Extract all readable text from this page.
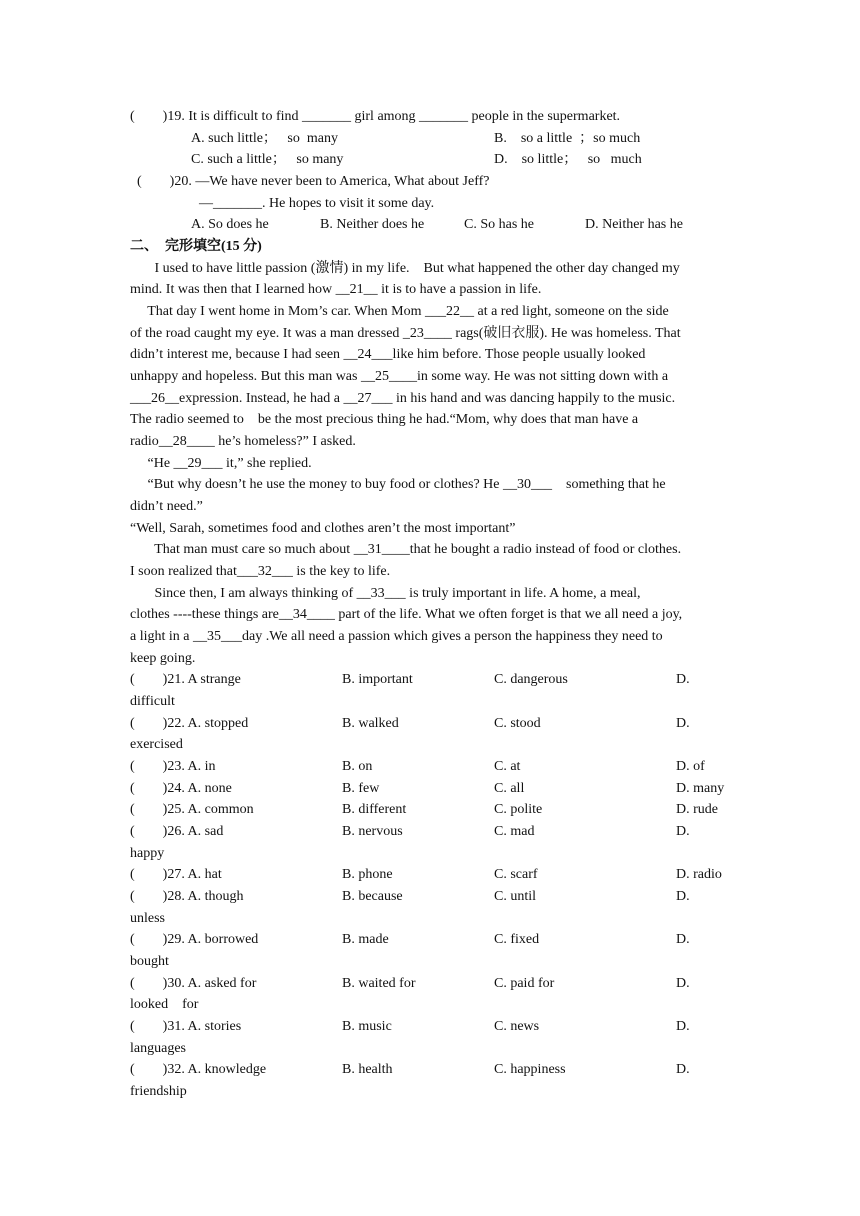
(        )19. It is difficult to find _______ girl among _______ people in the supermarket.
A. such little；   so  many	B.    so a little  ；so much
C. such a little；   so many	D.    so little；   so   much
(        )20. —We have never been to America, What about Jeff?
—_______. He hopes to visit it some day.
A. So does he	B. Neither does he	C. So has he	D. Neither has he
二、  完形填空(15 分)
I used to have little passion (激情) in my life.    But what happened the other day changed my
mind. It was then that I learned how __21__ it is to have a passion in life.
That day I went home in Mom’s car. When Mom ___22__ at a red light, someone on the side
of the road caught my eye. It was a man dressed _23____ rags(破旧衣服). He was homeless. That
didn’t interest me, because I had seen __24___like him before. Those people usually looked
unhappy and hopeless. But this man was __25____in some way. He was not sitting down with a
___26__expression. Instead, he had a __27___ in his hand and was dancing happily to the music.
The radio seemed to    be the most precious thing he had.“Mom, why does that man have a
radio__28____ he’s homeless?” I asked.
“He __29___ it,” she replied.
“But why doesn’t he use the money to buy food or clothes? He __30___    something that he
didn’t need.”
“Well, Sarah, sometimes food and clothes aren’t the most important”
That man must care so much about __31____that he bought a radio instead of food or clothes.
I soon realized that___32___ is the key to life.
Since then, I am always thinking of __33___ is truly important in life. A home, a meal,
clothes ----these things are__34____ part of the life. What we often forget is that we all need a joy,
a light in a __35___day .We all need a passion which gives a person the happiness they need to
keep going.
(        )21. A strange	B. important	C. dangerous	D.
difficult
(        )22. A. stopped	B. walked	C. stood	D.
exercised
(        )23. A. in	B. on	C. at	D. of
(        )24. A. none	B. few	C. all	D. many
(        )25. A. common	B. different	C. polite	D. rude
(        )26. A. sad	B. nervous	C. mad	D.
happy
(        )27. A. hat	B. phone	C. scarf	D. radio
(        )28. A. though	B. because	C. until	D.
unless
(        )29. A. borrowed	B. made	C. fixed	D.
bought
(        )30. A. asked for	B. waited for	C. paid for	D.
looked    for
(        )31. A. stories	B. music	C. news	D.
languages
(        )32. A. knowledge	B. health	C. happiness	D.
friendship
